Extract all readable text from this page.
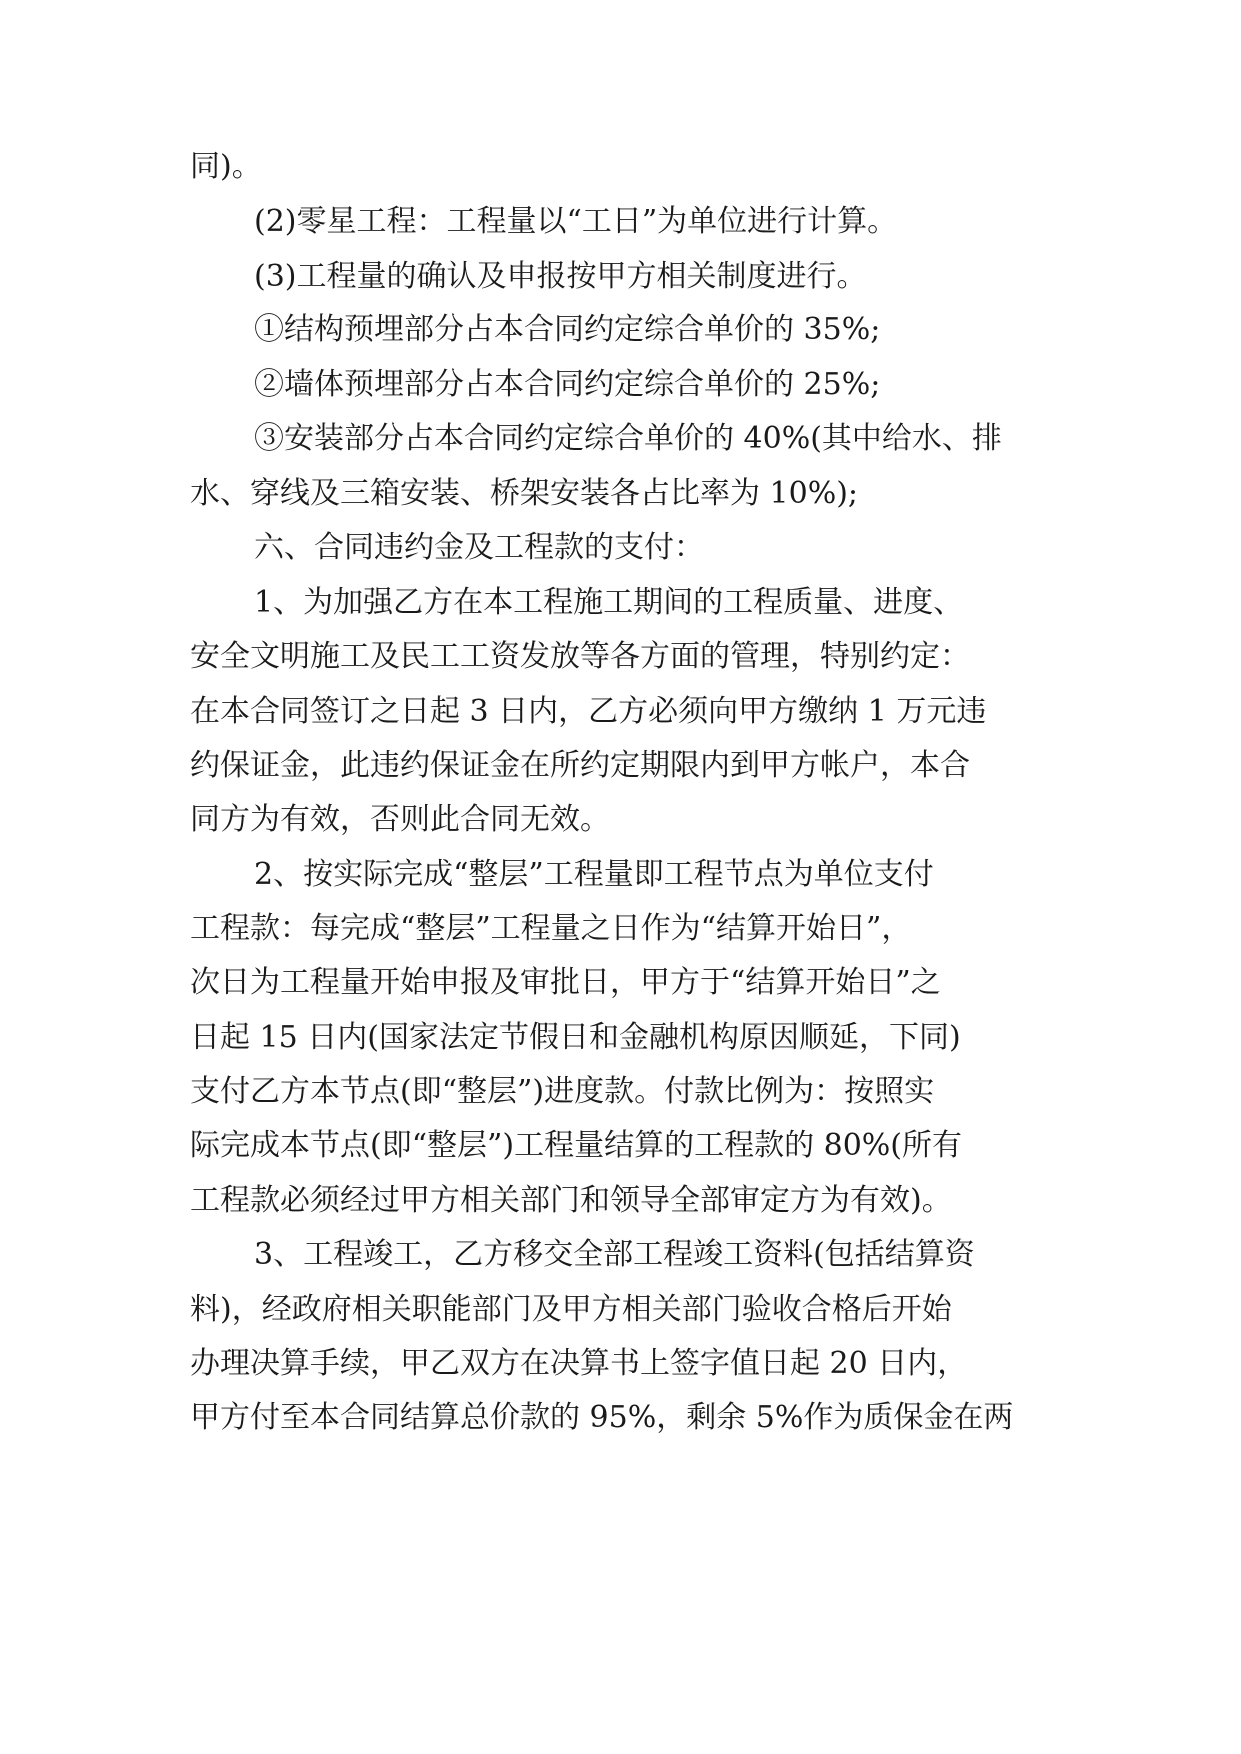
同)。

(2)零星工程：工程量以“工日”为单位进行计算。

(3)工程量的确认及申报按甲方相关制度进行。

①结构预埋部分占本合同约定综合单价的 35%;

②墙体预埋部分占本合同约定综合单价的 25%;

③安装部分占本合同约定综合单价的 40%(其中给水、排

水、穿线及三箱安装、桥架安装各占比率为 10%);

六、合同违约金及工程款的支付：

1、为加强乙方在本工程施工期间的工程质量、进度、

安全文明施工及民工工资发放等各方面的管理，特别约定：

在本合同签订之日起 3 日内，乙方必须向甲方缴纳 1 万元违

约保证金，此违约保证金在所约定期限内到甲方帐户，本合

同方为有效，否则此合同无效。

2、按实际完成“整层”工程量即工程节点为单位支付

工程款：每完成“整层”工程量之日作为“结算开始日”，

次日为工程量开始申报及审批日，甲方于“结算开始日”之

日起 15 日内(国家法定节假日和金融机构原因顺延，下同)

支付乙方本节点(即“整层”)进度款。付款比例为：按照实

际完成本节点(即“整层”)工程量结算的工程款的 80%(所有

工程款必须经过甲方相关部门和领导全部审定方为有效)。

3、工程竣工，乙方移交全部工程竣工资料(包括结算资

料)，经政府相关职能部门及甲方相关部门验收合格后开始

办理决算手续，甲乙双方在决算书上签字值日起 20 日内，

甲方付至本合同结算总价款的 95%，剩余 5%作为质保金在两
